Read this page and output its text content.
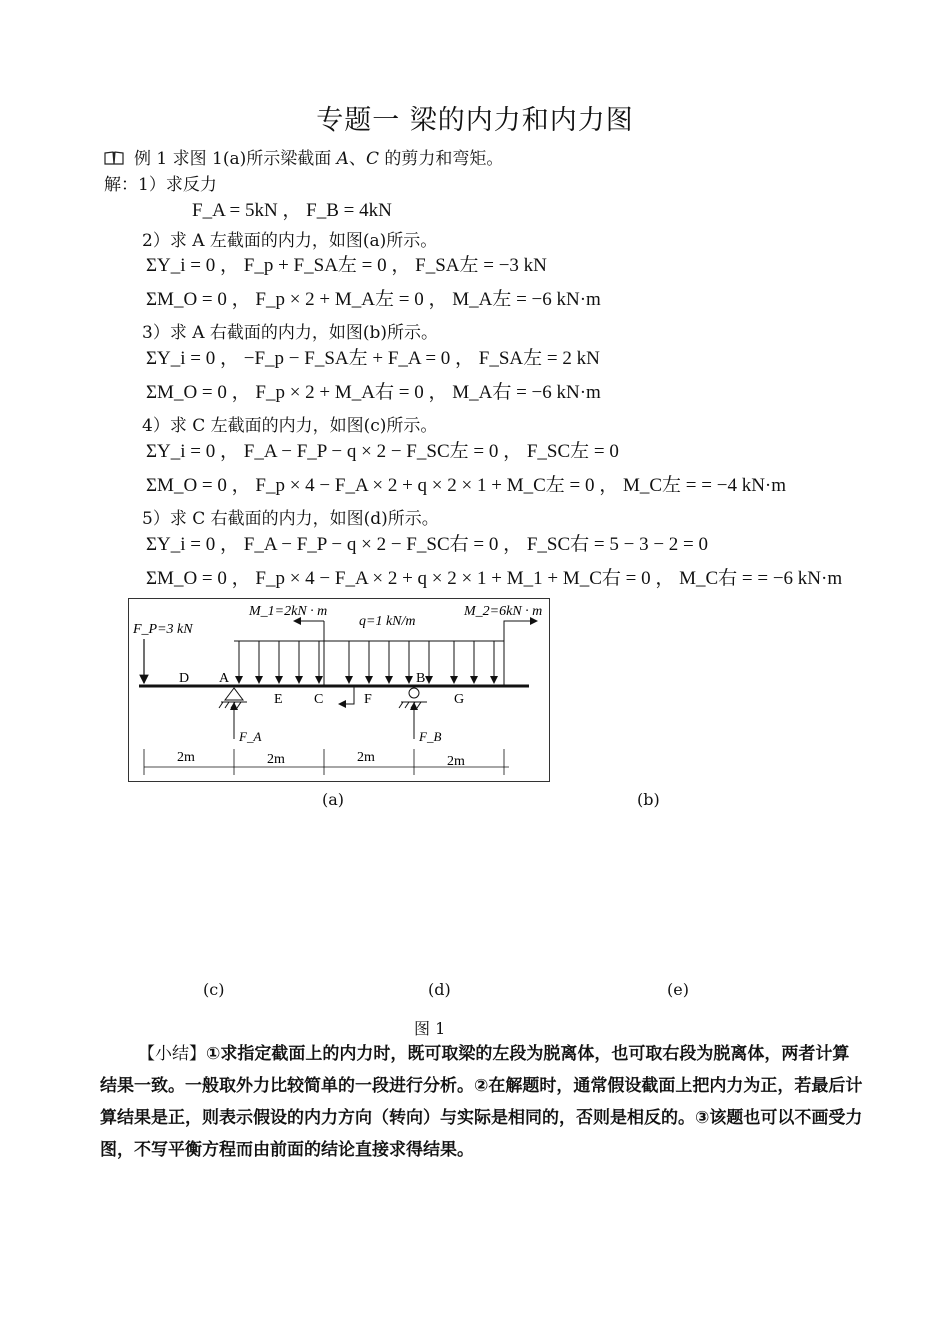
专题一 梁的内力和内力图
例 1 求图 1(a)所示梁截面 A、C 的剪力和弯矩。
解：1）求反力
F_A = 5kN ， F_B = 4kN
2）求 A 左截面的内力，如图(a)所示。
ΣY_i = 0 ， F_p + F_SA左 = 0 ， F_SA左 = −3 kN
ΣM_O = 0 ， F_p × 2 + M_A左 = 0 ， M_A左 = −6 kN·m
3）求 A 右截面的内力，如图(b)所示。
ΣY_i = 0 ， −F_p − F_SA左 + F_A = 0 ， F_SA左 = 2 kN
ΣM_O = 0 ， F_p × 2 + M_A右 = 0 ， M_A右 = −6 kN·m
4）求 C 左截面的内力，如图(c)所示。
ΣY_i = 0 ， F_A − F_P − q × 2 − F_SC左 = 0 ， F_SC左 = 0
ΣM_O = 0 ， F_p × 4 − F_A × 2 + q × 2 × 1 + M_C左 = 0 ， M_C左 = = −4 kN·m
5）求 C 右截面的内力，如图(d)所示。
ΣY_i = 0 ， F_A − F_P − q × 2 − F_SC右 = 0 ， F_SC右 = 5 − 3 − 2 = 0
ΣM_O = 0 ， F_p × 4 − F_A × 2 + q × 2 × 1 + M_1 + M_C右 = 0 ， M_C右 = = −6 kN·m
F_P=3 kN
M_1=2kN · m
q=1 kN/m
M_2=6kN · m
F_A	F_B
D A
E C	F
B
G
2m	2m	2m	2m
(a)	(b)
(c)	(d)	(e)
图 1
【小结】①求指定截面上的内力时，既可取梁的左段为脱离体，也可取右段为脱离体，两者计算结果一致。一般取外力比较简单的一段进行分析。②在解题时，通常假设截面上把内力为正，若最后计算结果是正，则表示假设的内力方向（转向）与实际是相同的，否则是相反的。③该题也可以不画受力图，不写平衡方程而由前面的结论直接求得结果。
